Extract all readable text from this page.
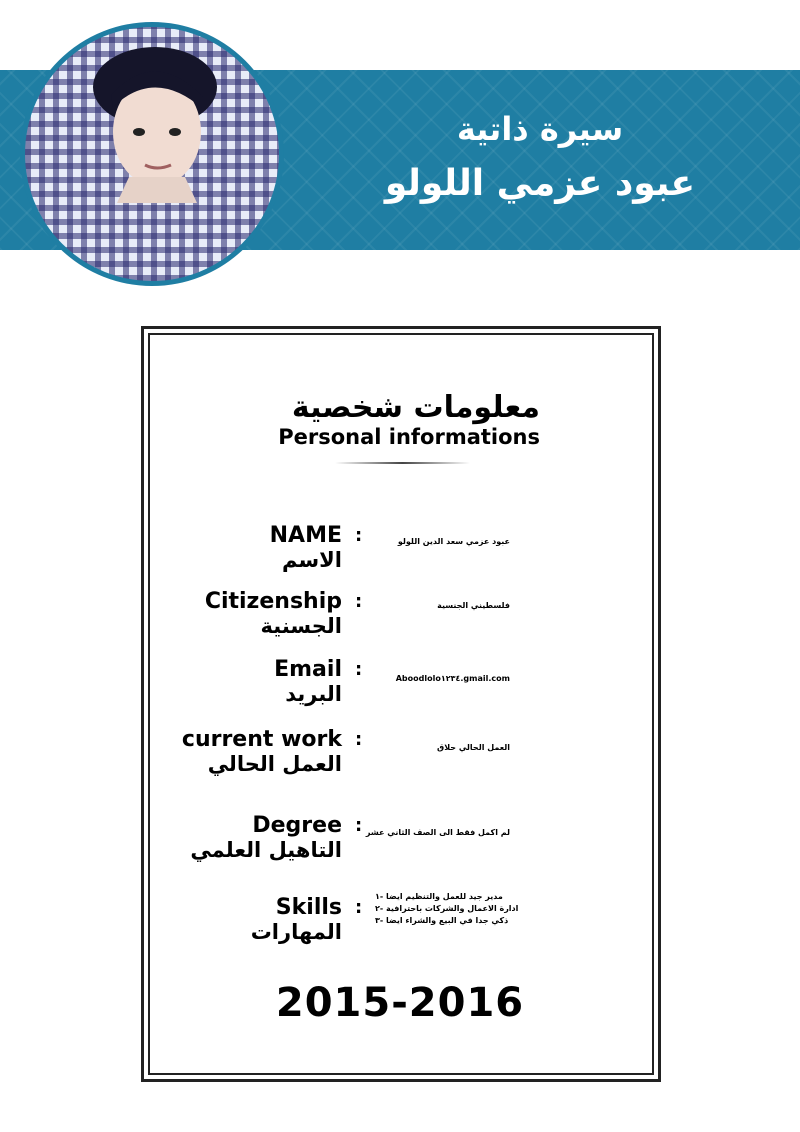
سيرة ذاتية
عبود عزمي اللولو
معلومات شخصية
Personal informations
NAME
الاسم
:	عبود عزمي سعد الدين اللولو
Citizenship
الجسنية
:	فلسطيني الجنسية
Email
البريد
:	Aboodlolo١٢٣٤.gmail.com
current work
العمل الحالي
:	العمل الحالي حلاق
Degree
التاهيل العلمي
: لم اكمل فقط الى الصف الثاني عشر
Skills
المهارات
:
مدير جيد للعمل والتنظيم ايضا -١
ادارة الاعمال والشركات باحترافية -٢
ذكي جدا في البيع والشراء ايضا -٣
2015-2016
